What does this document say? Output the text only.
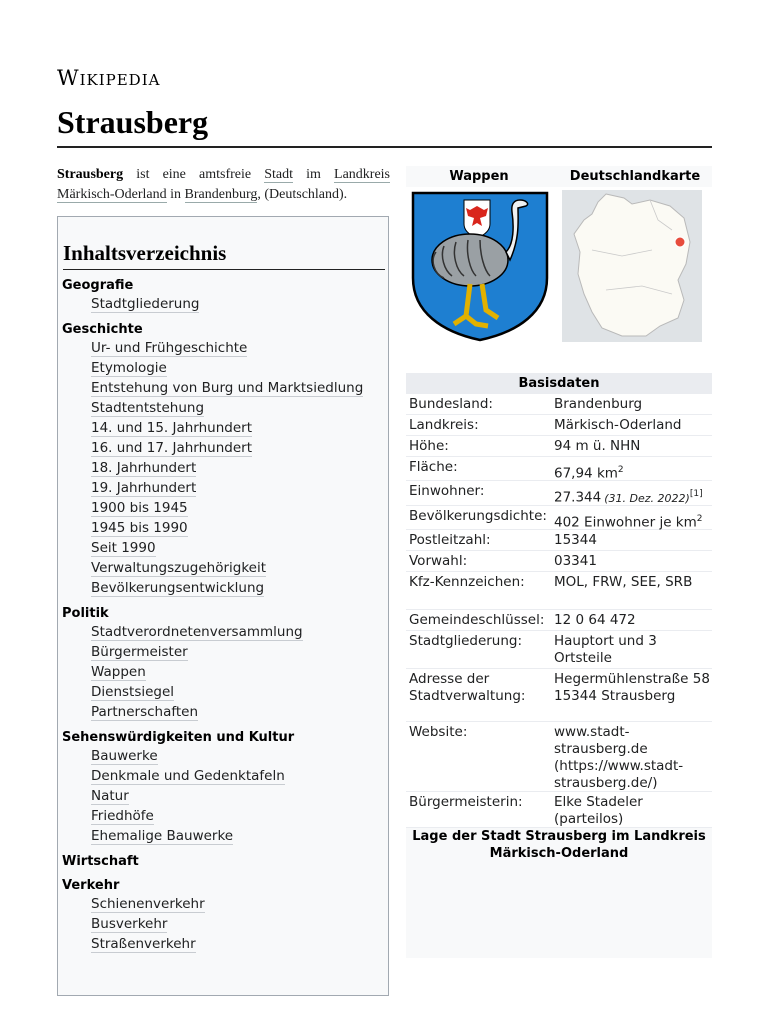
Wikipedia
Strausberg
Strausberg ist eine amtsfreie Stadt im Landkreis Märkisch-Oderland in Brandenburg, (Deutschland).
Inhaltsverzeichnis
Geografie
Stadtgliederung
Geschichte
Ur- und Frühgeschichte
Etymologie
Entstehung von Burg und Marktsiedlung
Stadtentstehung
14. und 15. Jahrhundert
16. und 17. Jahrhundert
18. Jahrhundert
19. Jahrhundert
1900 bis 1945
1945 bis 1990
Seit 1990
Verwaltungszugehörigkeit
Bevölkerungsentwicklung
Politik
Stadtverordnetenversammlung
Bürgermeister
Wappen
Dienstsiegel
Partnerschaften
Sehenswürdigkeiten und Kultur
Bauwerke
Denkmale und Gedenktafeln
Natur
Friedhöfe
Ehemalige Bauwerke
Wirtschaft
Verkehr
Schienenverkehr
Busverkehr
Straßenverkehr
Wappen	Deutschlandkarte
Basisdaten
Bundesland:	Brandenburg
Landkreis:	Märkisch-Oderland
Höhe:	94 m ü. NHN
Fläche:	67,94 $km^2$
Einwohner:	27.344 (31. Dez. 2022)[1]
Bevölkerungsdichte: 402 Einwohner je $km^2$
Postleitzahl:	15344
Vorwahl:	03341
Kfz-Kennzeichen: MOL, FRW, SEE, SRB
Gemeindeschlüssel: 12 0 64 472
Stadtgliederung: Hauptort und 3 Ortsteile
Adresse der Stadtverwaltung:
Hegermühlenstraße 58
15344 Strausberg
Website:	www.stadt-strausberg.de (https://www.stadt-strausberg.de/)
Bürgermeisterin: Elke Stadeler (parteilos)
Lage der Stadt Strausberg im Landkreis Märkisch-Oderland
